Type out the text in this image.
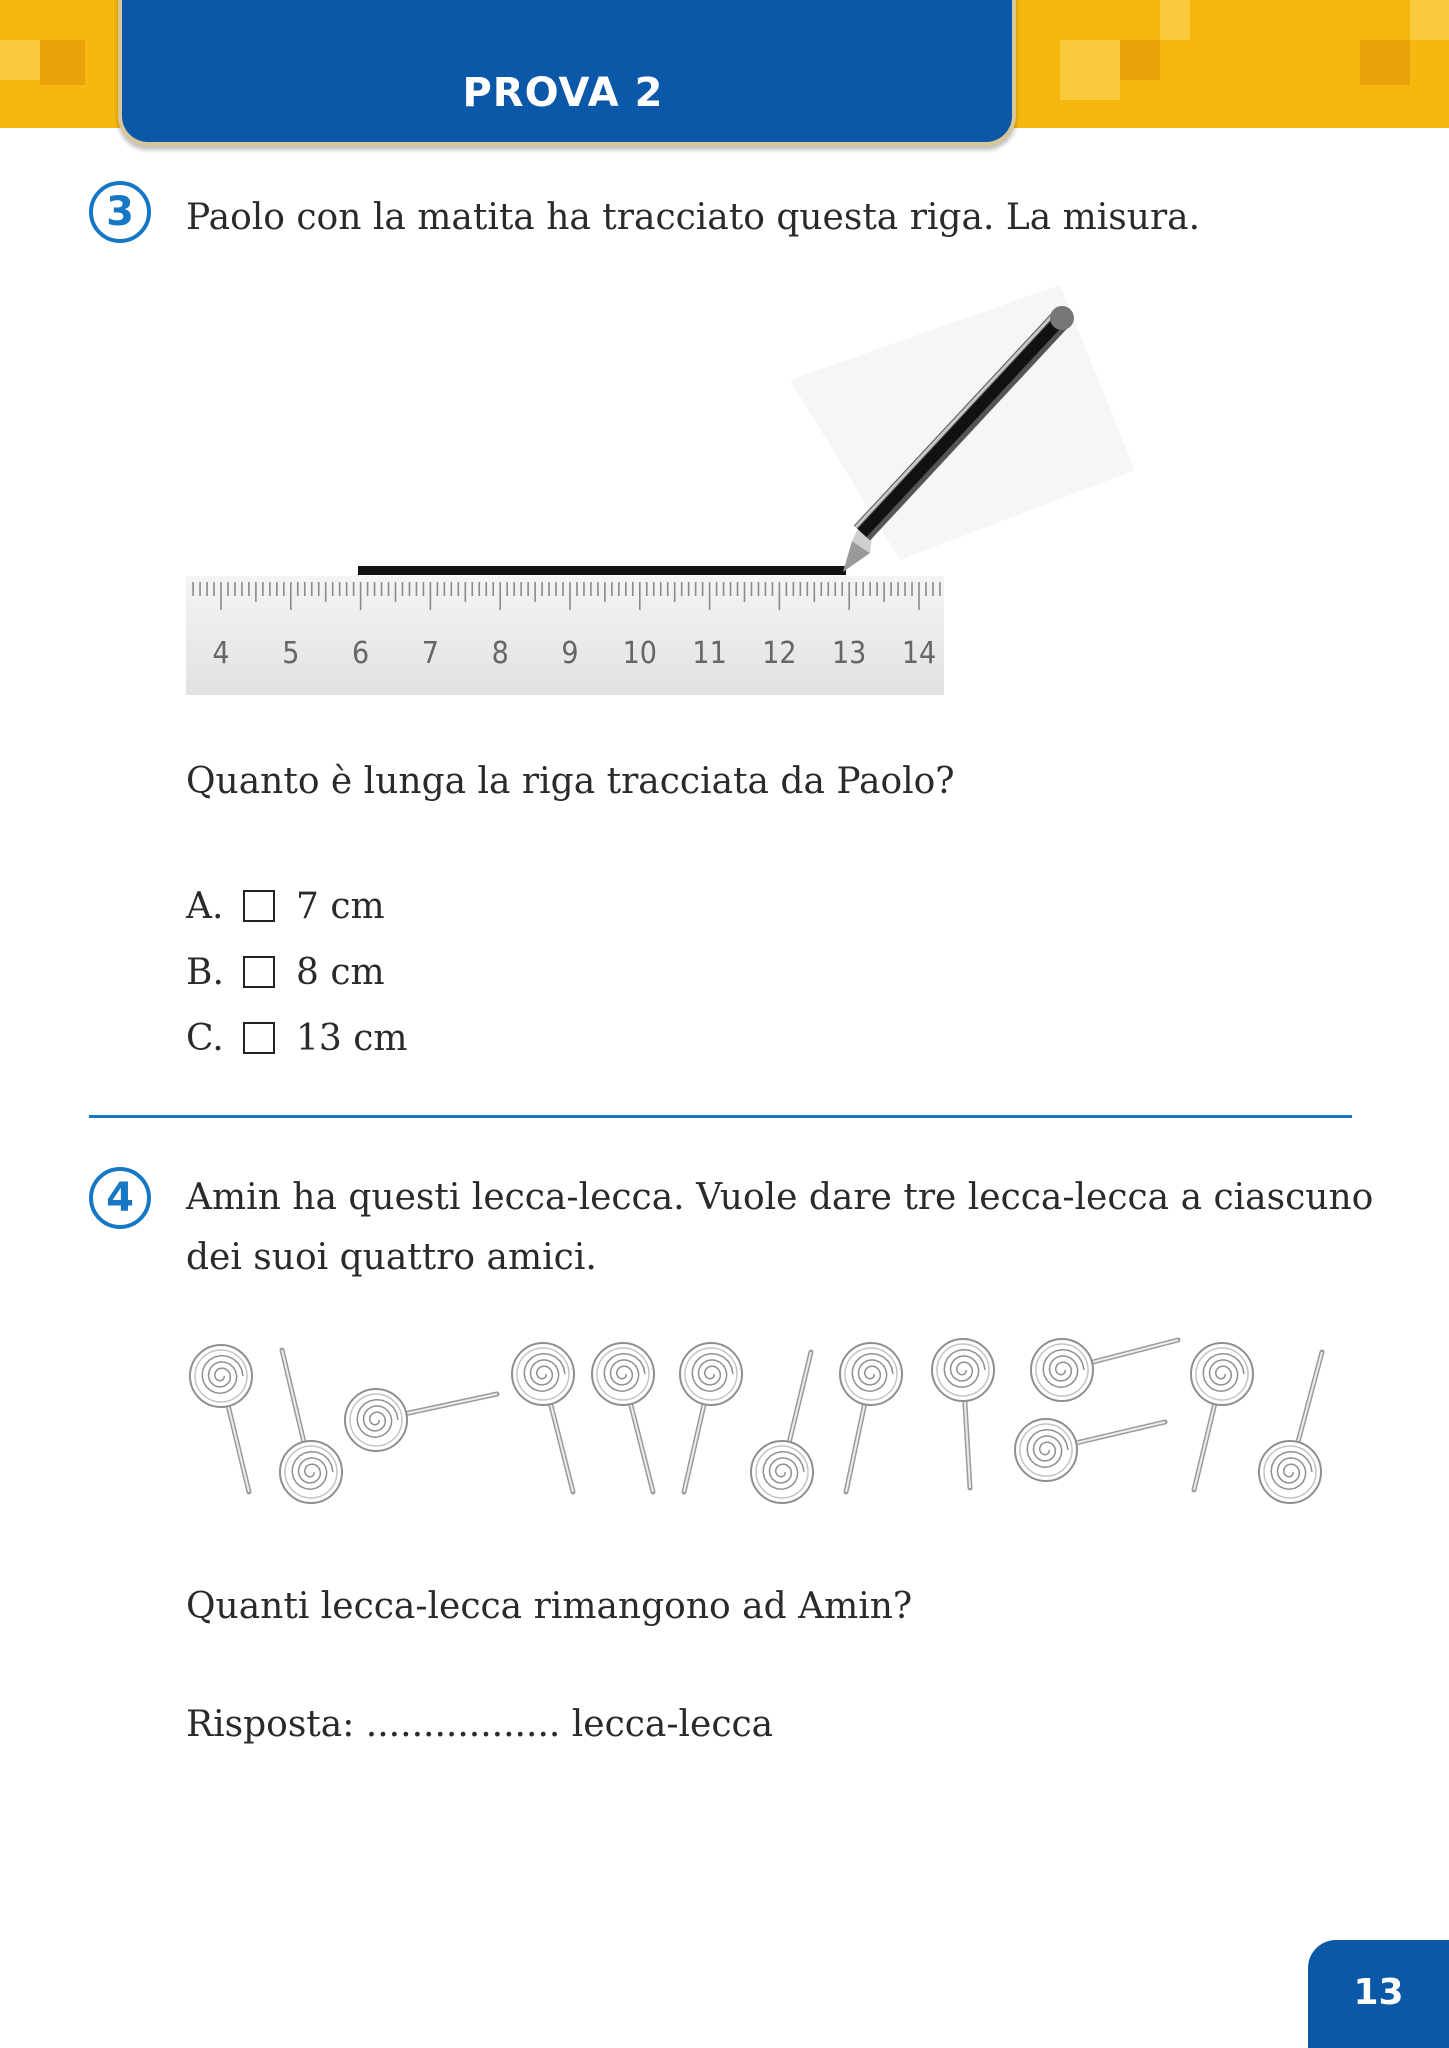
PROVA 2
3	Paolo con la matita ha tracciato questa riga. La misura.
4 5 6 7 8 9 10 11 12 13 14
Quanto è lunga la riga tracciata da Paolo?
A. 7 cm
B. 8 cm
C. 13 cm
4	Amin ha questi lecca-lecca. Vuole dare tre lecca-lecca a ciascuno
dei suoi quattro amici.
Quanti lecca-lecca rimangono ad Amin?
Risposta: ................. lecca-lecca
13
